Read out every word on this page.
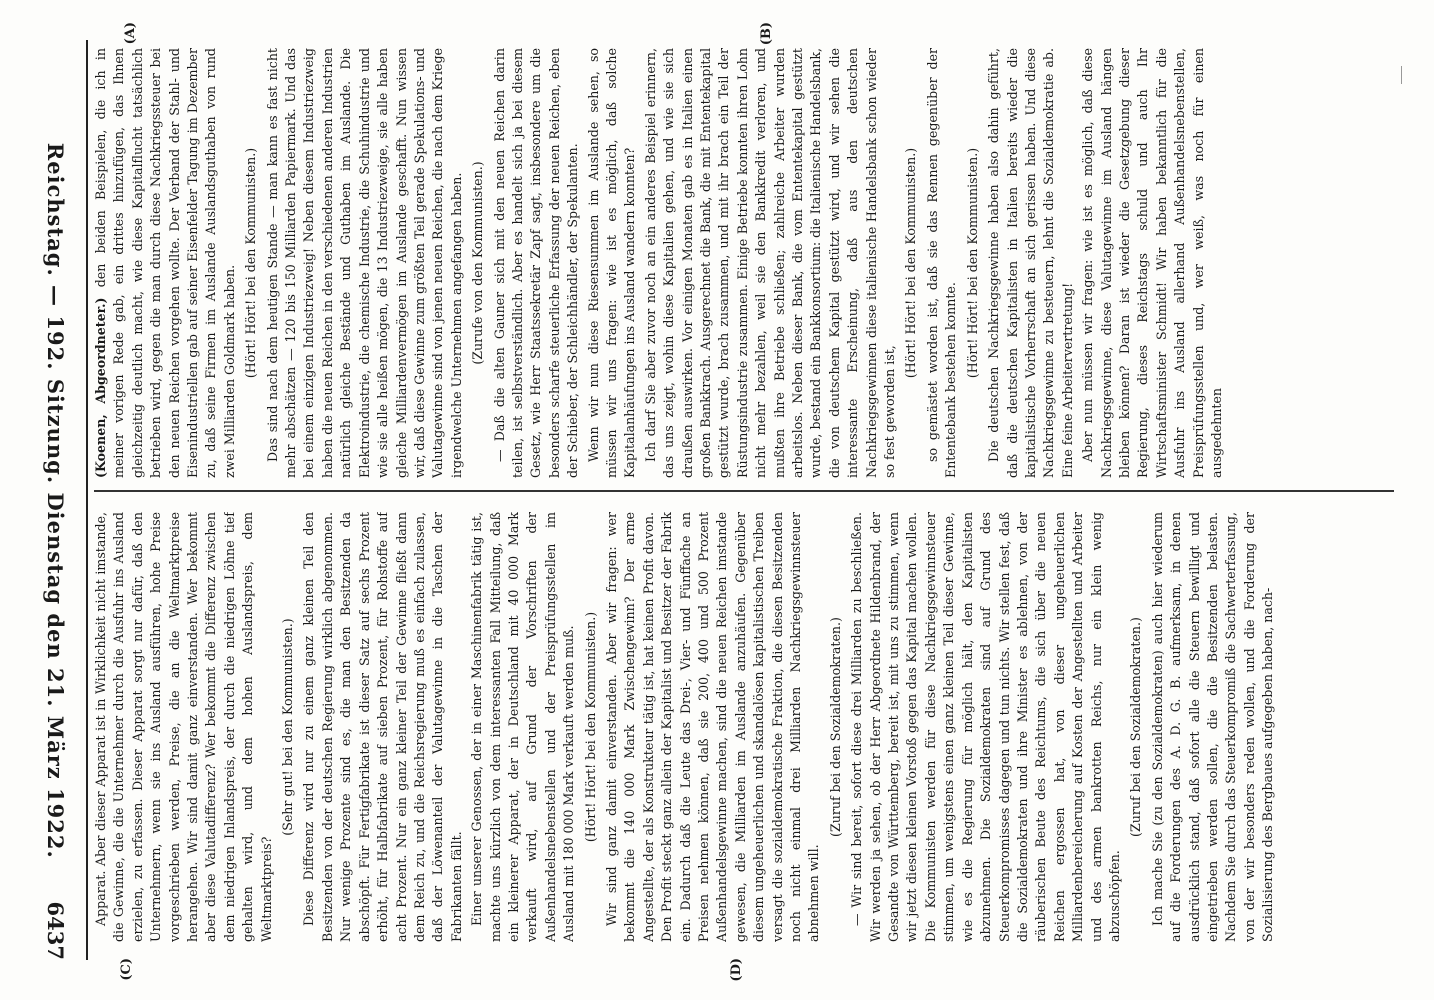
Reichstag. — 192. Sitzung. Dienstag den 21. März 1922.
6437
(A)	(B)
(C)	(D)

(Koenen, Abgeordneter.) den beiden Beispielen, die ich in meiner vorigen Rede gab, ein drittes hinzufügen, das Ihnen gleichzeitig deutlich macht, wie diese Kapitalflucht tatsächlich betrieben wird, gegen die man durch diese Nachkriegssteuer bei den neuen Reichen vorgehen wollte. Der Verband der Stahl- und Eisenindustriellen gab auf seiner Eisenfelder Tagung im Dezember zu, daß seine Firmen im Auslande Auslandsguthaben von rund zwei Milliarden Goldmark haben. (Hört! Hört! bei den Kommunisten.) Das sind nach dem heutigen Stande — man kann es fast nicht mehr abschätzen — 120 bis 150 Milliarden Papiermark. Und das bei einem einzigen Industriezweig! Neben diesem Industriezweig haben die neuen Reichen in den verschiedenen anderen Industrien natürlich gleiche Bestände und Guthaben im Auslande. Die Elektroindustrie, die chemische Industrie, die Schuhindustrie und wie sie alle heißen mögen, die 13 Industriezweige, sie alle haben gleiche Milliardenvermögen im Auslande geschafft. Nun wissen wir, daß diese Gewinne zum größten Teil gerade Spekulations- und Valutagewinne sind von jenen neuen Reichen, die nach dem Kriege irgendwelche Unternehmen angefangen haben. (Zurufe von den Kommunisten.) — Daß die alten Gauner sich mit den neuen Reichen darin teilen, ist selbstverständlich. Aber es handelt sich ja bei diesem Gesetz, wie Herr Staatssekretär Zapf sagt, insbesondere um die besonders scharfe steuerliche Erfassung der neuen Reichen, eben der Schieber, der Schleichhändler, der Spekulanten. Wenn wir nun diese Riesensummen im Auslande sehen, so müssen wir uns fragen: wie ist es möglich, daß solche Kapitalanhäufungen ins Ausland wandern konnten? Ich darf Sie aber zuvor noch an ein anderes Beispiel erinnern, das uns zeigt, wohin diese Kapitalien gehen, und wie sie sich draußen auswirken. Vor einigen Monaten gab es in Italien einen großen Bankkrach. Ausgerechnet die Bank, die mit Ententekapital gestützt wurde, brach zusammen, und mit ihr brach ein Teil der Rüstungsindustrie zusammen. Einige Betriebe konnten ihren Lohn nicht mehr bezahlen, weil sie den Bankkredit verloren, und mußten ihre Betriebe schließen; zahlreiche Arbeiter wurden arbeitslos. Neben dieser Bank, die vom Ententekapital gestützt wurde, bestand ein Bankkonsortium: die Italienische Handelsbank, die von deutschem Kapital gestützt wird, und wir sehen die interessante Erscheinung, daß aus den deutschen Nachkriegsgewinnen diese italienische Handelsbank schon wieder so fest geworden ist,

(Hört! Hört! bei den Kommunisten.) so gemästet worden ist, daß sie das Rennen gegenüber der Ententebank bestehen konnte.

(Hört! Hört! bei den Kommunisten.) Die deutschen Nachkriegsgewinne haben also dahin geführt, daß die deutschen Kapitalisten in Italien bereits wieder die kapitalistische Vorherrschaft an sich gerissen haben. Und diese Nachkriegsgewinne zu besteuern, lehnt die Sozialdemokratie ab. Eine feine Arbeitervertretung! Aber nun müssen wir fragen: wie ist es möglich, daß diese Nachkriegsgewinne, diese Valutagewinne im Ausland hängen bleiben können? Daran ist wieder die Gesetzgebung dieser Regierung, dieses Reichstags schuld und auch Ihr Wirtschaftsminister Schmidt! Wir haben bekanntlich für die Ausfuhr ins Ausland allerhand Außenhandelsnebenstellen, Preisprüfungsstellen und, wer weiß, was noch für einen ausgedehnten

Apparat. Aber dieser Apparat ist in Wirklichkeit nicht imstande, die Gewinne, die die Unternehmer durch die Ausfuhr ins Ausland erzielen, zu erfassen. Dieser Apparat sorgt nur dafür, daß den Unternehmern, wenn sie ins Ausland ausführen, hohe Preise vorgeschrieben werden, Preise, die an die Weltmarktpreise herangehen. Wir sind damit ganz einverstanden. Wer bekommt aber diese Valutadifferenz? Wer bekommt die Differenz zwischen dem niedrigen Inlandspreis, der durch die niedrigen Löhne tief gehalten wird, und dem hohen Auslandspreis, dem Weltmarktpreis?

(Sehr gut! bei den Kommunisten.) Diese Differenz wird nur zu einem ganz kleinen Teil den Besitzenden von der deutschen Regierung wirklich abgenommen. Nur wenige Prozente sind es, die man den Besitzenden da abschöpft. Für Fertigfabrikate ist dieser Satz auf sechs Prozent erhöht, für Halbfabrikate auf sieben Prozent, für Rohstoffe auf acht Prozent. Nur ein ganz kleiner Teil der Gewinne fließt dann dem Reich zu, und die Reichsregierung muß es einfach zulassen, daß der Löwenanteil der Valutagewinne in die Taschen der Fabrikanten fällt. Einer unserer Genossen, der in einer Maschinenfabrik tätig ist, machte uns kürzlich von dem interessanten Fall Mitteilung, daß ein kleinerer Apparat, der in Deutschland mit 40 000 Mark verkauft wird, auf Grund der Vorschriften der Außenhandelsnebenstellen und der Preisprüfungsstellen im Ausland mit 180 000 Mark verkauft werden muß. (Hört! Hört! bei den Kommunisten.) Wir sind ganz damit einverstanden. Aber wir fragen: wer bekommt die 140 000 Mark Zwischengewinn? Der arme Angestellte, der als Konstrukteur tätig ist, hat keinen Profit davon. Den Profit steckt ganz allein der Kapitalist und Besitzer der Fabrik ein. Dadurch daß die Leute das Drei-, Vier- und Fünffache an Preisen nehmen können, daß sie 200, 400 und 500 Prozent Außenhandelsgewinne machen, sind die neuen Reichen imstande gewesen, die Milliarden im Auslande anzuhäufen. Gegenüber diesem ungeheuerlichen und skandalösen kapitalistischen Treiben versagt die sozialdemokratische Fraktion, die diesen Besitzenden noch nicht einmal drei Milliarden Nachkriegsgewinnsteuer abnehmen will.

(Zuruf bei den Sozialdemokraten.) — Wir sind bereit, sofort diese drei Milliarden zu beschließen. Wir werden ja sehen, ob der Herr Abgeordnete Hildenbrand, der Gesandte von Württemberg, bereit ist, mit uns zu stimmen, wenn wir jetzt diesen kleinen Vorstoß gegen das Kapital machen wollen. Die Kommunisten werden für diese Nachkriegsgewinnsteuer stimmen, um wenigstens einen ganz kleinen Teil dieser Gewinne, wie es die Regierung für möglich hält, den Kapitalisten abzunehmen. Die Sozialdemokraten sind auf Grund des Steuerkompromisses dagegen und tun nichts. Wir stellen fest, daß die Sozialdemokraten und ihre Minister es ablehnen, von der räuberischen Beute des Reichtums, die sich über die neuen Reichen ergossen hat, von dieser ungeheuerlichen Milliardenbereicherung auf Kosten der Angestellten und Arbeiter und des armen bankrotten Reichs, nur ein klein wenig abzuschöpfen.

(Zuruf bei den Sozialdemokraten.) Ich mache Sie (zu den Sozialdemokraten) auch hier wiederum auf die Forderungen des A. D. G. B. aufmerksam, in denen ausdrücklich stand, daß sofort alle die Steuern bewilligt und eingetrieben werden sollen, die die Besitzenden belasten. Nachdem Sie durch das Steuerkompromiß die Sachwerterfassung, von der wir besonders reden wollen, und die Forderung der Sozialisierung des Bergbaues aufgegeben haben, nach-
